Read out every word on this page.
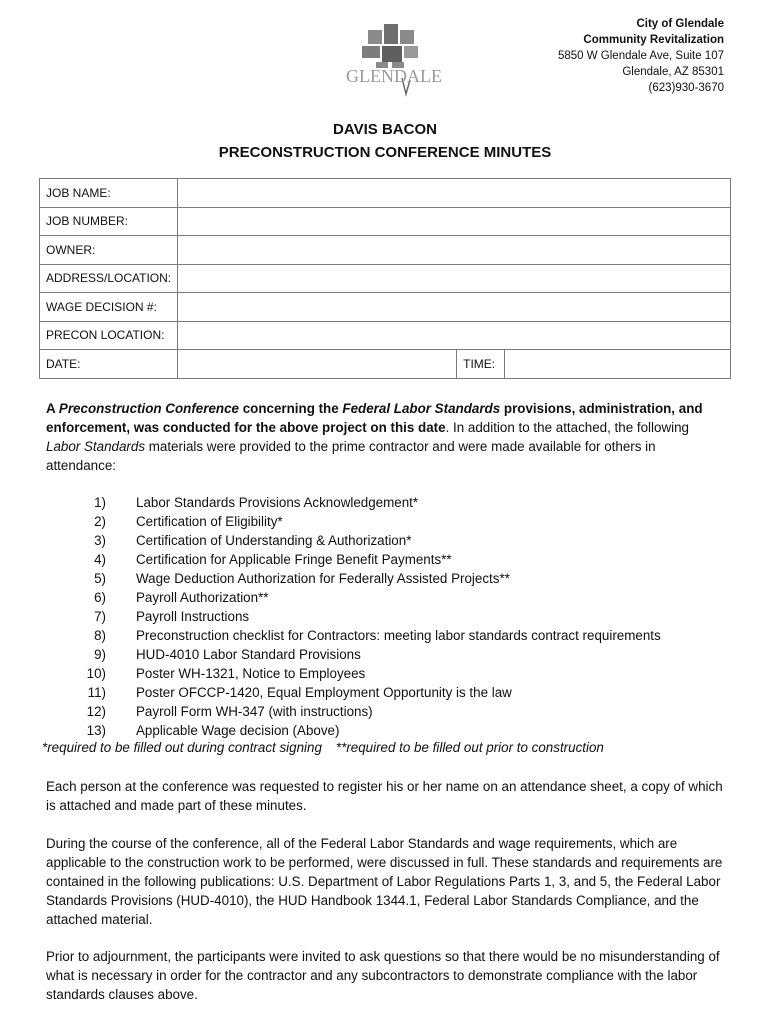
GLENDALE
City of Glendale
Community Revitalization
5850 W Glendale Ave, Suite 107
Glendale, AZ 85301
(623)930-3670
DAVIS BACON
PRECONSTRUCTION CONFERENCE MINUTES
JOB NAME:			
JOB NUMBER:			
OWNER:			
ADDRESS/LOCATION:			
WAGE DECISION #:			
PRECON LOCATION:			
DATE:		TIME:	
A Preconstruction Conference concerning the Federal Labor Standards provisions, administration, and enforcement, was conducted for the above project on this date. In addition to the attached, the following Labor Standards materials were provided to the prime contractor and were made available for others in attendance:
1) Labor Standards Provisions Acknowledgement*
2) Certification of Eligibility*
3) Certification of Understanding & Authorization*
4) Certification for Applicable Fringe Benefit Payments**
5) Wage Deduction Authorization for Federally Assisted Projects**
6) Payroll Authorization**
7) Payroll Instructions
8) Preconstruction checklist for Contractors: meeting labor standards contract requirements
9) HUD-4010 Labor Standard Provisions
10) Poster WH-1321, Notice to Employees
11) Poster OFCCP-1420, Equal Employment Opportunity is the law
12) Payroll Form WH-347 (with instructions)
13) Applicable Wage decision (Above)
*required to be filled out during contract signing **required to be filled out prior to construction
Each person at the conference was requested to register his or her name on an attendance sheet, a copy of which is attached and made part of these minutes.
During the course of the conference, all of the Federal Labor Standards and wage requirements, which are applicable to the construction work to be performed, were discussed in full. These standards and requirements are contained in the following publications: U.S. Department of Labor Regulations Parts 1, 3, and 5, the Federal Labor Standards Provisions (HUD-4010), the HUD Handbook 1344.1, Federal Labor Standards Compliance, and the attached material.
Prior to adjournment, the participants were invited to ask questions so that there would be no misunderstanding of what is necessary in order for the contractor and any subcontractors to demonstrate compliance with the labor standards clauses above.
